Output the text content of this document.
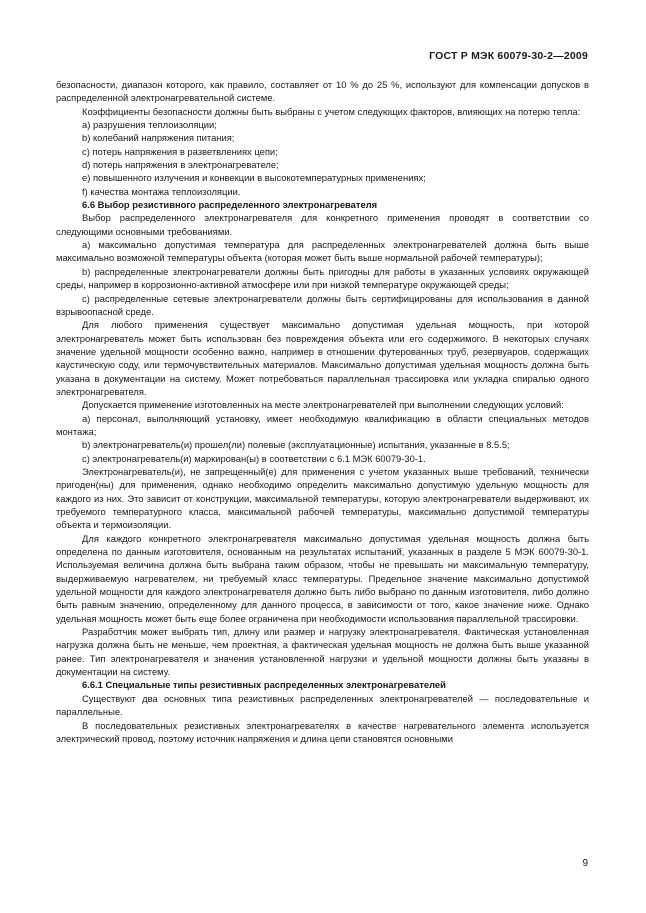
ГОСТ Р МЭК 60079-30-2—2009

безопасности, диапазон которого, как правило, составляет от 10 % до 25 %, используют для компенсации допусков в распределенной электронагревательной системе.

Коэффициенты безопасности должны быть выбраны с учетом следующих факторов, влияющих на потерю тепла:

a) разрушения теплоизоляции;

b) колебаний напряжения питания;

c) потерь напряжения в разветвлениях цепи;

d) потерь напряжения в электронагревателе;

e) повышенного излучения и конвекции в высокотемпературных применениях;

f) качества монтажа теплоизоляции.

6.6 Выбор резистивного распределенного электронагревателя

Выбор распределенного электронагревателя для конкретного применения проводят в соответствии со следующими основными требованиями.

a) максимально допустимая температура для распределенных электронагревателей должна быть выше максимально возможной температуры объекта (которая может быть выше нормальной рабочей температуры);

b) распределенные злектронагреватели должны быть пригодны для работы в указанных условиях окружающей среды, например в коррозионно-активной атмосфере или при низкой температуре окружающей среды;

c) распределенные сетевые электронагреватели должны быть сертифицированы для использования в данной взрывоопасной среде.

Для любого применения существует максимально допустимая удельная мощность, при которой электронагреватель может быть использован без повреждения объекта или его содержимого. В некоторых случаях значение удельной мощности особенно важно, например в отношении футерованных труб, резервуаров, содержащих каустическую соду, или термочувствительных материалов. Максимально допустимая удельная мощность должна быть указана в документации на систему. Может потребоваться параллельная трассировка или укладка спиралью одного электронагревателя.

Допускается применение изготовленных на месте электронагревателей при выполнении следующих условий:

a) персонал, выполняющий установку, имеет необходимую квалификацию в области специальных методов монтажа;

b) электронагреватель(и) прошел(ли) полевые (эксплуатационные) испытания, указанные в 8.5.5;

c) электронагреватель(и) маркирован(ы) в соответствии с 6.1 МЭК 60079-30-1.

Электронагреватель(и), не запрещенный(е) для применения с учетом указанных выше требований, технически пригоден(ны) для применения, однако необходимо определить максимально допустимую удельную мощность для каждого из них. Это зависит от конструкции, максимальной температуры, которую электронагреватели выдерживают, их требуемого температурного класса, максимальной рабочей температуры, максимально допустимой температуры объекта и термоизоляции.

Для каждого конкретного электронагревателя максимально допустимая удельная мощность должна быть определена по данным изготовителя, основанным на результатах испытаний, указанных в разделе 5 МЭК 60079-30-1. Используемая величина должна быть выбрана таким образом, чтобы не превышать ни максимальную температуру, выдерживаемую нагревателем, ни требуемый класс температуры. Предельное значение максимально допустимой удельной мощности для каждого электронагревателя должно быть либо выбрано по данным изготовителя, либо должно быть равным значению, определенному для данного процесса, в зависимости от того, какое значение ниже. Однако удельная мощность может быть еще более ограничена при необходимости использования параллельной трассировки.

Разработчик может выбрать тип, длину или размер и нагрузку электронагревателя. Фактическая установленная нагрузка должна быть не меньше, чем проектная, а фактическая удельная мощность не должна быть выше указанной ранее. Тип электронагревателя и значения установленной нагрузки и удельной мощности должны быть указаны в документации на систему.

6.6.1 Специальные типы резистивных распределенных электронагревателей

Существуют два основных типа резистивных распределенных электронагревателей — последовательные и параллельные.

В последовательных резистивных электронагревателях в качестве нагревательного элемента используется электрический провод, поэтому источник напряжения и длина цепи становятся основными

9
